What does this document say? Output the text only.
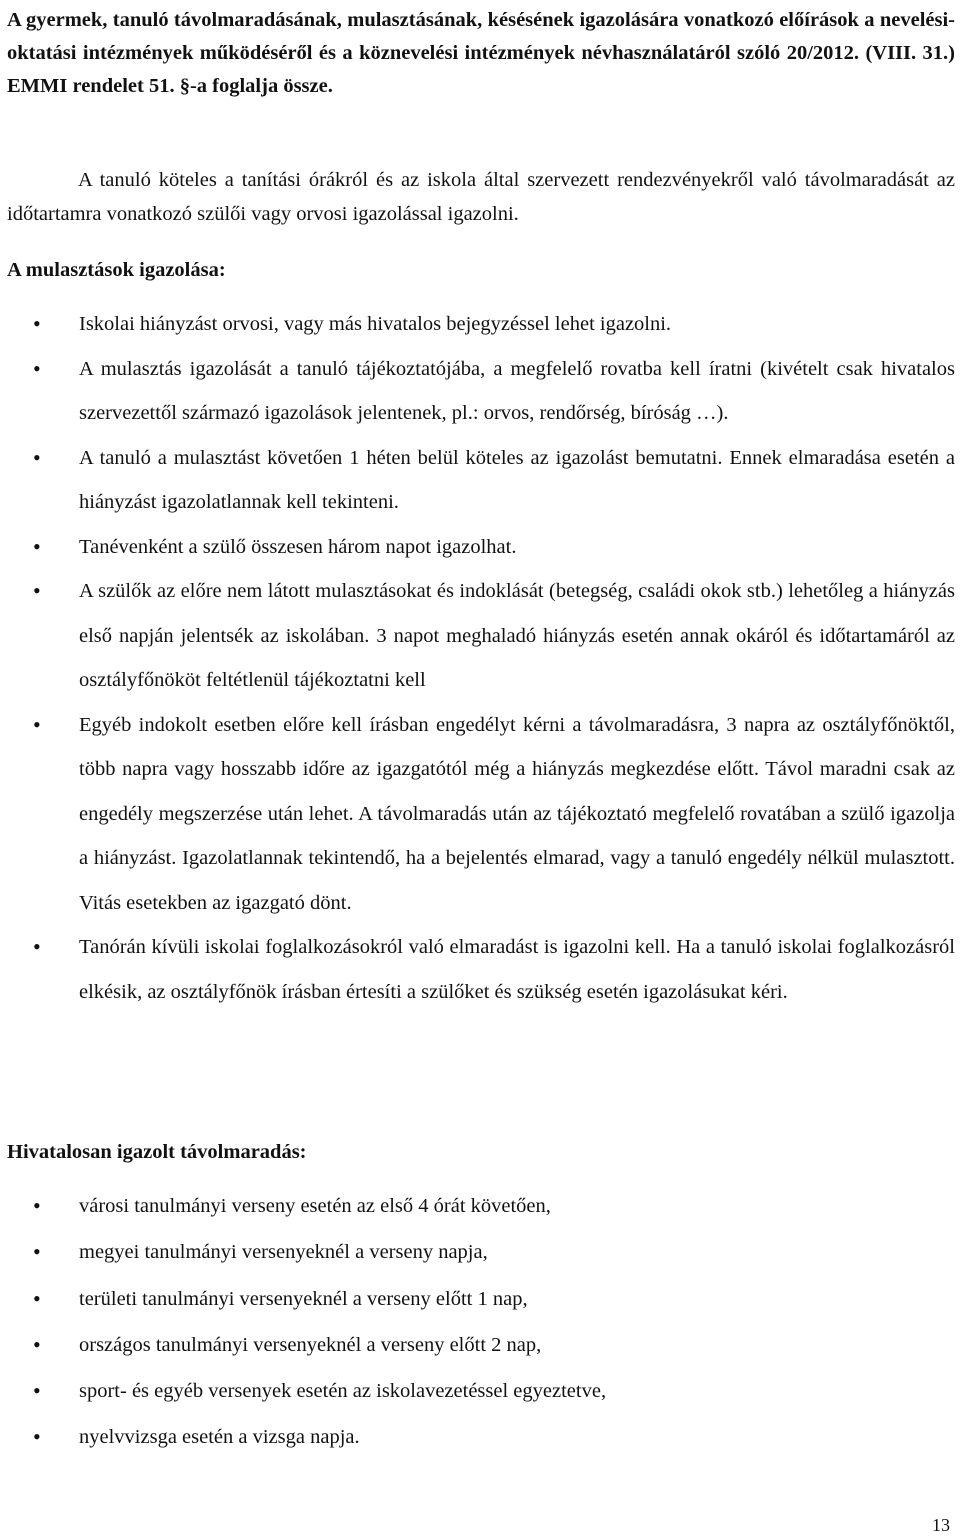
A gyermek, tanuló távolmaradásának, mulasztásának, késésének igazolására vonatkozó előírások a nevelési-oktatási intézmények működéséről és a köznevelési intézmények névhasználatáról szóló 20/2012. (VIII. 31.) EMMI rendelet 51. §-a foglalja össze.

A tanuló köteles a tanítási órákról és az iskola által szervezett rendezvényekről való távolmaradását az időtartamra vonatkozó szülői vagy orvosi igazolással igazolni.

A mulasztások igazolása:

• Iskolai hiányzást orvosi, vagy más hivatalos bejegyzéssel lehet igazolni.
• A mulasztás igazolását a tanuló tájékoztatójába, a megfelelő rovatba kell íratni (kivételt csak hivatalos szervezettől származó igazolások jelentenek, pl.: orvos, rendőrség, bíróság …).
• A tanuló a mulasztást követően 1 héten belül köteles az igazolást bemutatni. Ennek elmaradása esetén a hiányzást igazolatlannak kell tekinteni.
• Tanévenként a szülő összesen három napot igazolhat.
• A szülők az előre nem látott mulasztásokat és indoklását (betegség, családi okok stb.) lehetőleg a hiányzás első napján jelentsék az iskolában. 3 napot meghaladó hiányzás esetén annak okáról és időtartamáról az osztályfőnököt feltétlenül tájékoztatni kell
• Egyéb indokolt esetben előre kell írásban engedélyt kérni a távolmaradásra, 3 napra az osztályfőnöktől, több napra vagy hosszabb időre az igazgatótól még a hiányzás megkezdése előtt. Távol maradni csak az engedély megszerzése után lehet. A távolmaradás után az tájékoztató megfelelő rovatában a szülő igazolja a hiányzást. Igazolatlannak tekintendő, ha a bejelentés elmarad, vagy a tanuló engedély nélkül mulasztott. Vitás esetekben az igazgató dönt.
• Tanórán kívüli iskolai foglalkozásokról való elmaradást is igazolni kell. Ha a tanuló iskolai foglalkozásról elkésik, az osztályfőnök írásban értesíti a szülőket és szükség esetén igazolásukat kéri.

Hivatalosan igazolt távolmaradás:

• városi tanulmányi verseny esetén az első 4 órát követően,
• megyei tanulmányi versenyeknél a verseny napja,
• területi tanulmányi versenyeknél a verseny előtt 1 nap,
• országos tanulmányi versenyeknél a verseny előtt 2 nap,
• sport- és egyéb versenyek esetén az iskolavezetéssel egyeztetve,
• nyelvvizsga esetén a vizsga napja.

13
